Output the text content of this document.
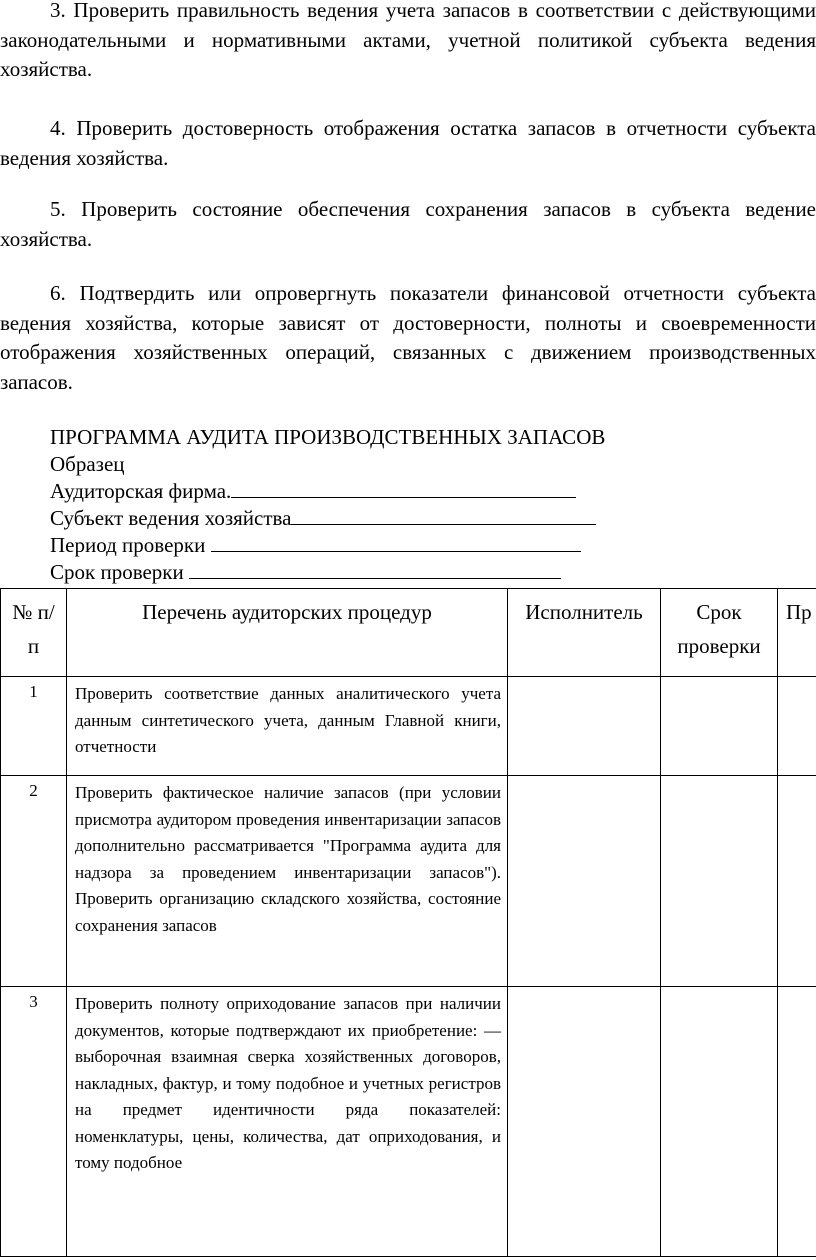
3. Проверить правильность ведения учета запасов в соответствии с действующими законодательными и нормативными актами, учетной политикой субъекта ведения хозяйства.

4. Проверить достоверность отображения остатка запасов в отчетности субъекта ведения хозяйства.

5. Проверить состояние обеспечения сохранения запасов в субъекта ведение хозяйства.

6. Подтвердить или опровергнуть показатели финансовой отчетности субъекта ведения хозяйства, которые зависят от достоверности, полноты и своевременности отображения хозяйственных операций, связанных с движением производственных запасов.

ПРОГРАММА АУДИТА ПРОИЗВОДСТВЕННЫХ ЗАПАСОВ
Образец
Аудиторская фирма.
Субъект ведения хозяйства
Период проверки
Срок проверки
№ п/п	Перечень аудиторских процедур	Исполнитель	Срок проверки	Пр
1	Проверить соответствие данных аналитического учета данным синтетического учета, данным Главной книги, отчетности			
2	Проверить фактическое наличие запасов (при условии присмотра аудитором проведения инвентаризации запасов дополнительно рассматривается "Программа аудита для надзора за проведением инвентаризации запасов"). Проверить организацию складского хозяйства, состояние сохранения запасов			
3	Проверить полноту оприходование запасов при наличии документов, которые подтверждают их приобретение: — выборочная взаимная сверка хозяйственных договоров, накладных, фактур, и тому подобное и учетных регистров на предмет идентичности ряда показателей: номенклатуры, цены, количества, дат оприходования, и тому подобное			
